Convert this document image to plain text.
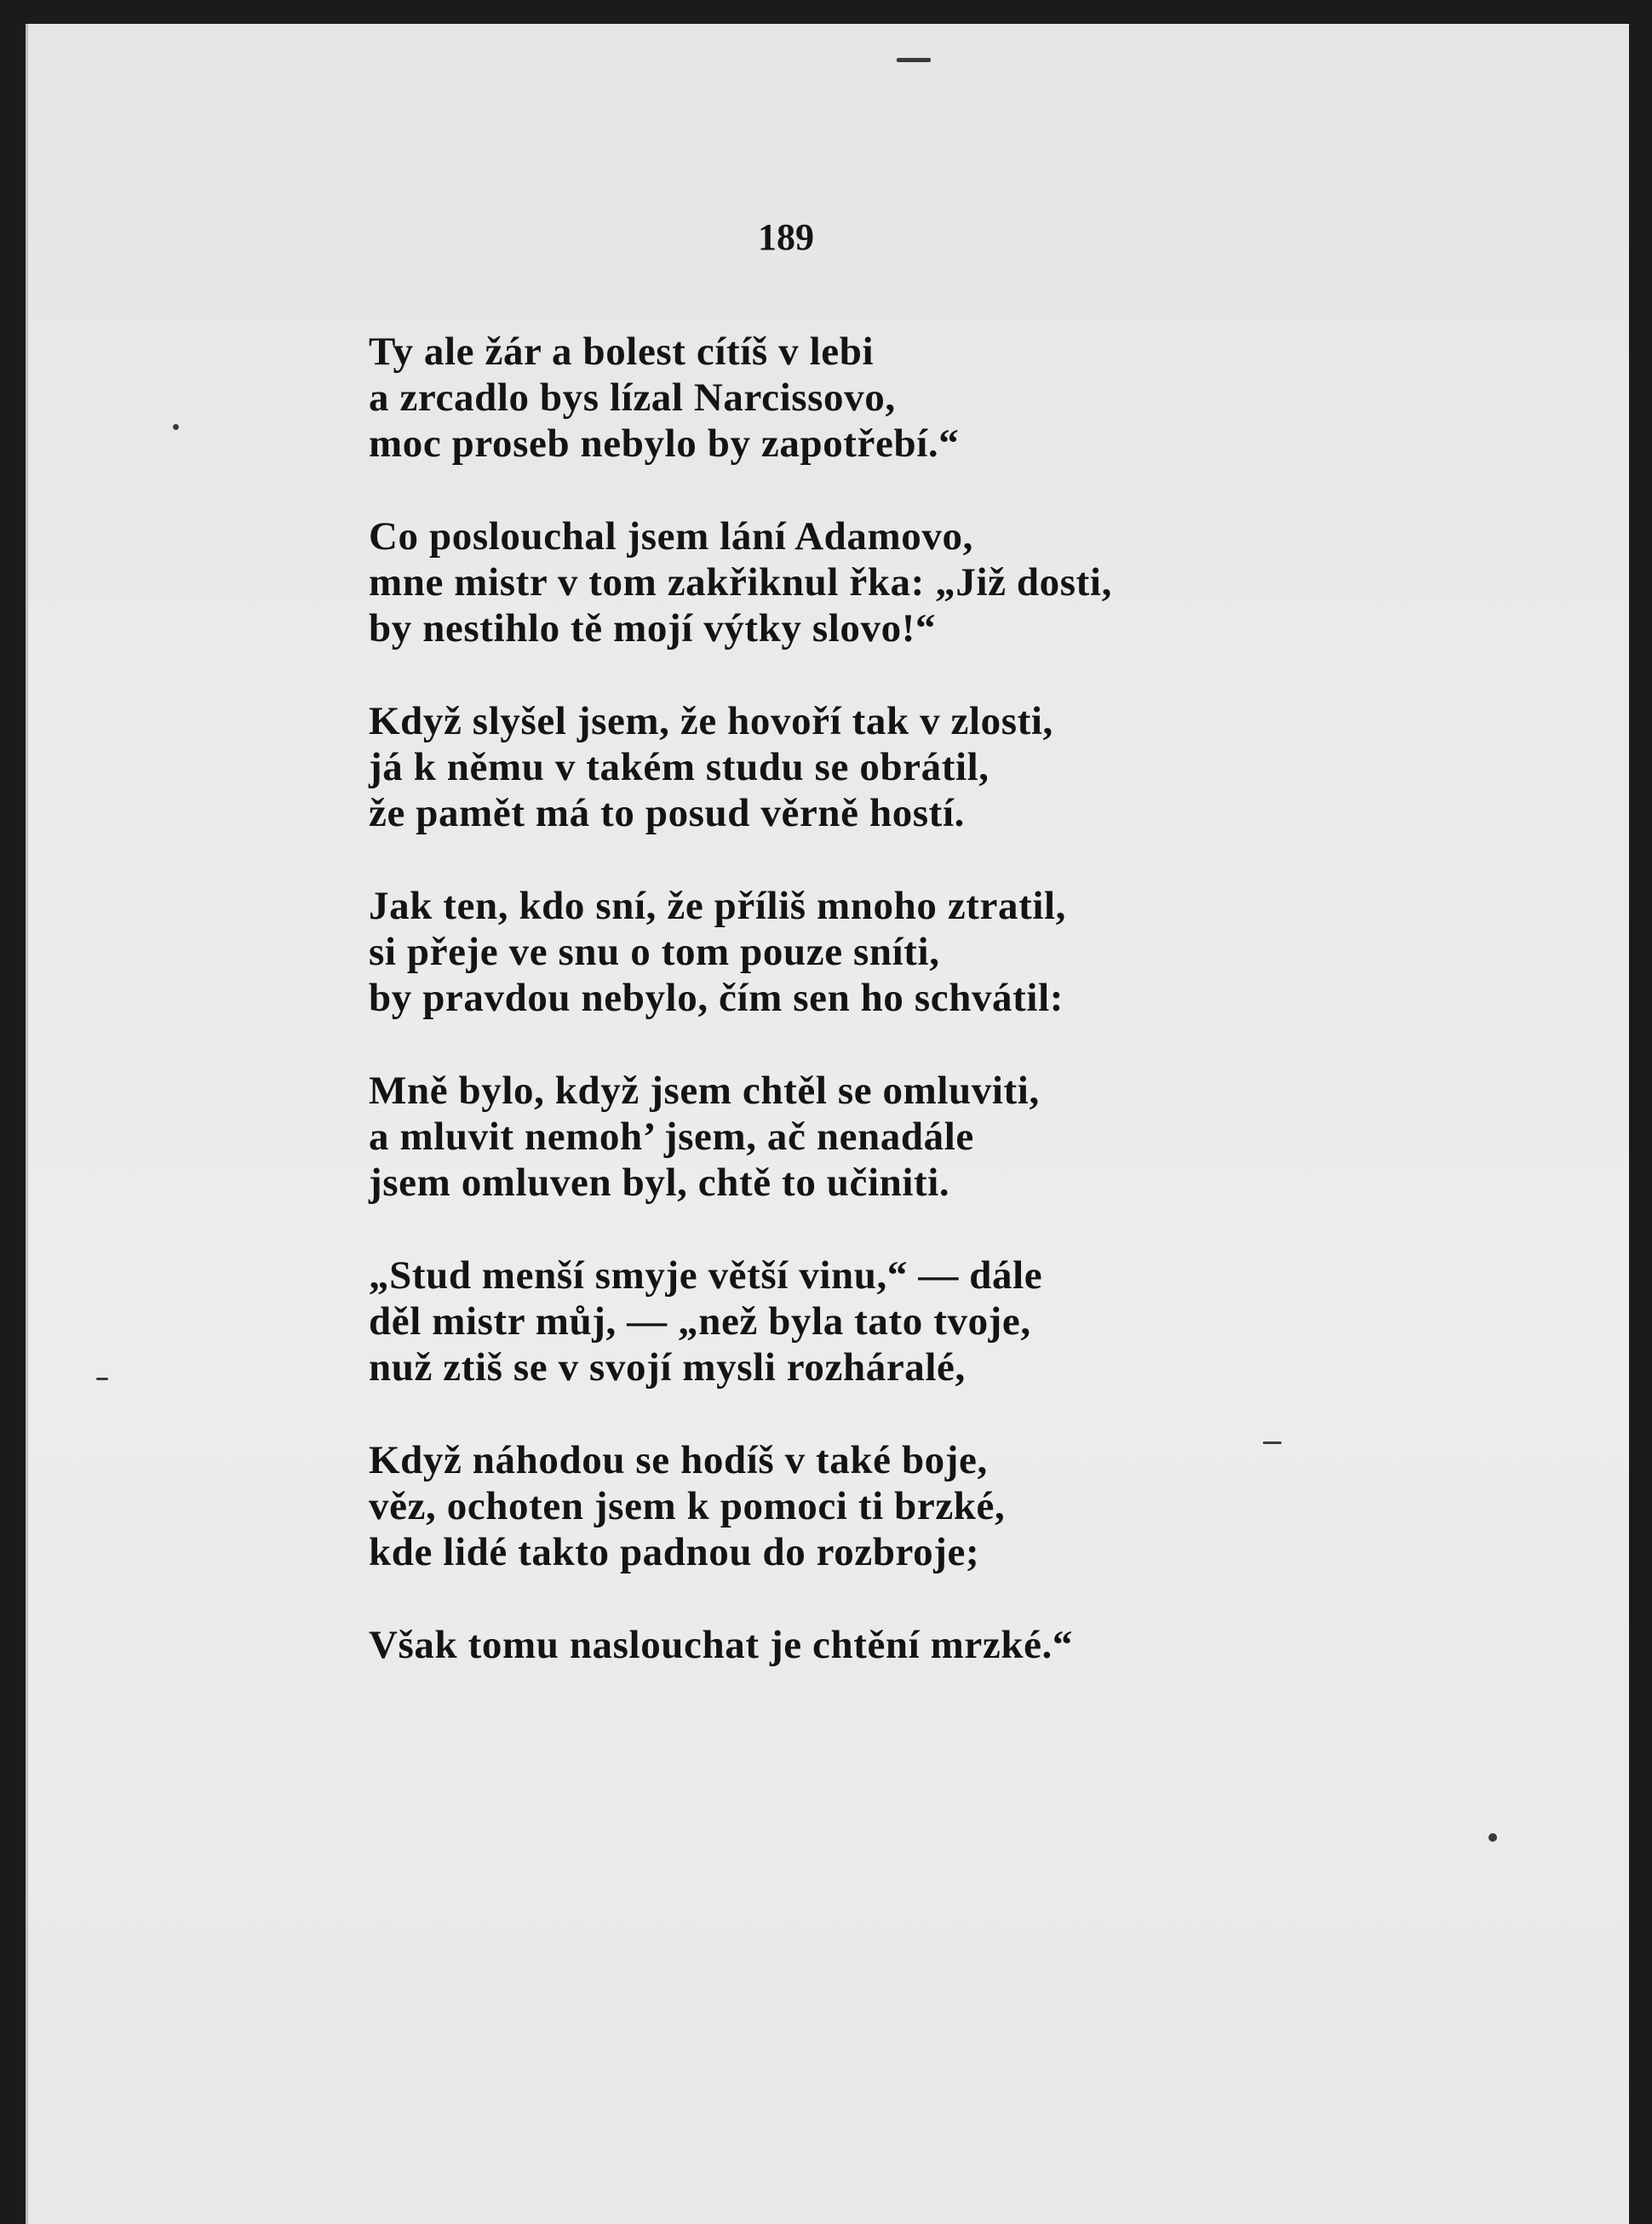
189
Ty ale žár a bolest cítíš v lebi
a zrcadlo bys lízal Narcissovo,
moc proseb nebylo by zapotřebí.“
Co poslouchal jsem lání Adamovo,
mne mistr v tom zakřiknul řka: „Již dosti,
by nestihlo tě mojí výtky slovo!“
Když slyšel jsem, že hovoří tak v zlosti,
já k němu v takém studu se obrátil,
že pamět má to posud věrně hostí.
Jak ten, kdo sní, že příliš mnoho ztratil,
si přeje ve snu o tom pouze sníti,
by pravdou nebylo, čím sen ho schvátil:
Mně bylo, když jsem chtěl se omluviti,
a mluvit nemoh’ jsem, ač nenadále
jsem omluven byl, chtě to učiniti.
„Stud menší smyje větší vinu,“ — dále
děl mistr můj, — „než byla tato tvoje,
nuž ztiš se v svojí mysli rozháralé,
Když náhodou se hodíš v také boje,
věz, ochoten jsem k pomoci ti brzké,
kde lidé takto padnou do rozbroje;
Však tomu naslouchat je chtění mrzké.“
